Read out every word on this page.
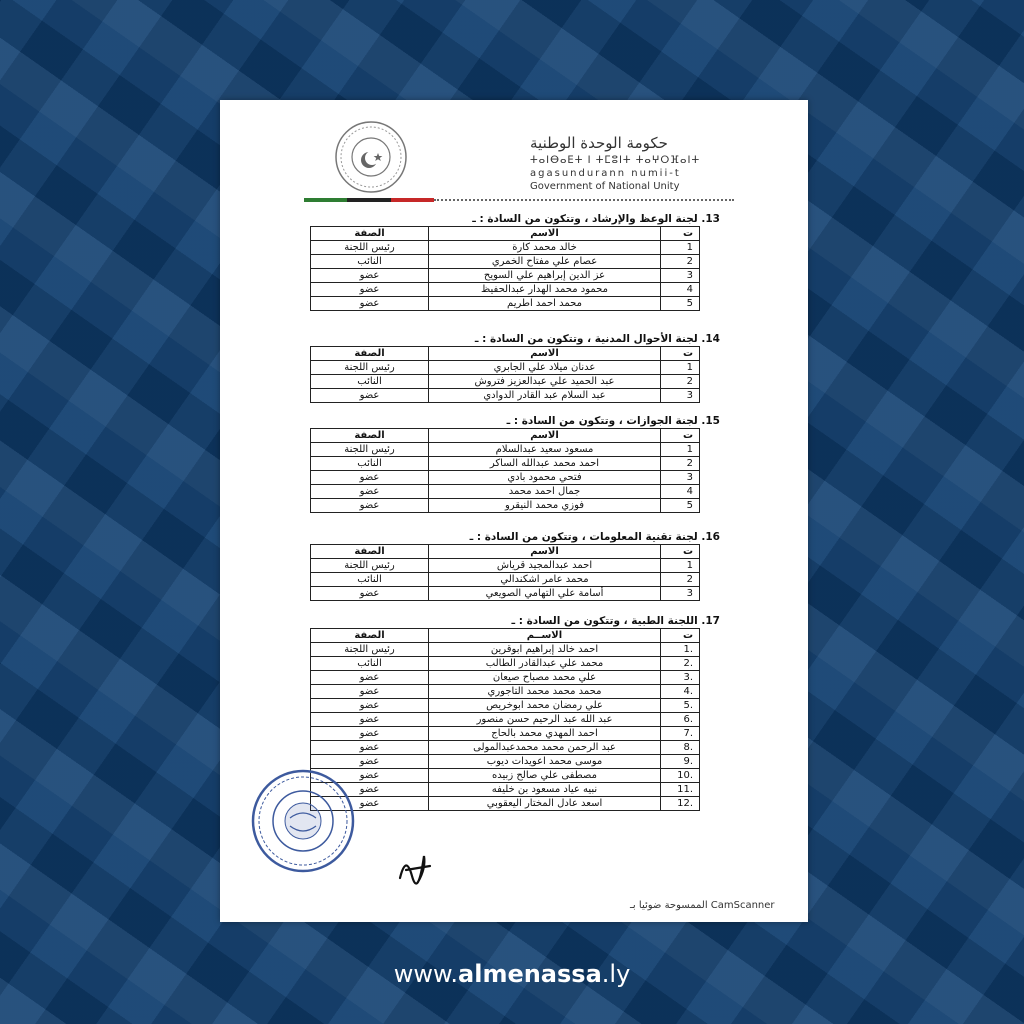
حكومة الوحدة الوطنية
ⵜⴰⵏⴱⴰⴹⵜ ⵏ ⵜⵎⵓⵏⵜ ⵜⴰⵖⵔⴼⴰⵏⵜ
agasundurann numii-t
Government of National Unity
13. لجنة الوعظ والإرشاد ، وتتكون من السادة : ـ
ت	الاسم	الصفة
1	خالد محمد كارة	رئيس اللجنة
2	عصام علي مفتاح الخمري	النائب
3	عز الدين إبراهيم علي السويح	عضو
4	محمود محمد الهدار عبدالحفيظ	عضو
5	محمد احمد اطريم	عضو
14. لجنة الأحوال المدنية ، وتتكون من السادة : ـ
ت	الاسم	الصفة
1	عدنان ميلاد علي الجابري	رئيس اللجنة
2	عبد الحميد علي عبدالعزيز فتروش	النائب
3	عبد السلام عبد القادر الدوادي	عضو
15. لجنة الجوازات ، وتتكون من السادة : ـ
ت	الاسم	الصفة
1	مسعود سعيد عبدالسلام	رئيس اللجنة
2	احمد محمد عبدالله الساكر	النائب
3	فتحي محمود بادي	عضو
4	جمال احمد محمد	عضو
5	فوزي محمد النيقرو	عضو
16. لجنة تقنية المعلومات ، وتتكون من السادة : ـ
ت	الاسم	الصفة
1	احمد عبدالمجيد قرياش	رئيس اللجنة
2	محمد عامر اشكندالي	النائب
3	أسامة علي التهامي الصويعي	عضو
17. اللجنة الطبية ، وتتكون من السادة : ـ
ت	الاســم	الصفة
.1	احمد خالد إبراهيم ابوقرين	رئيس اللجنة
.2	محمد علي عبدالقادر الطالب	النائب
.3	علي محمد مصباح صيعان	عضو
.4	محمد محمد محمد التاجوري	عضو
.5	علي رمضان محمد ابوخريص	عضو
.6	عبد الله عبد الرحيم حسن منصور	عضو
.7	احمد المهدي محمد بالحاج	عضو
.8	عبد الرحمن محمد محمدعبدالمولى	عضو
.9	موسى محمد اعويدات ديوب	عضو
.10	مصطفى علي صالح زبيده	عضو
.11	نبيه عياد مسعود بن خليفه	عضو
.12	اسعد عادل المختار اليعقوبي	عضو
الممسوحة ضوئيا بـ CamScanner
www.almenassa.ly
